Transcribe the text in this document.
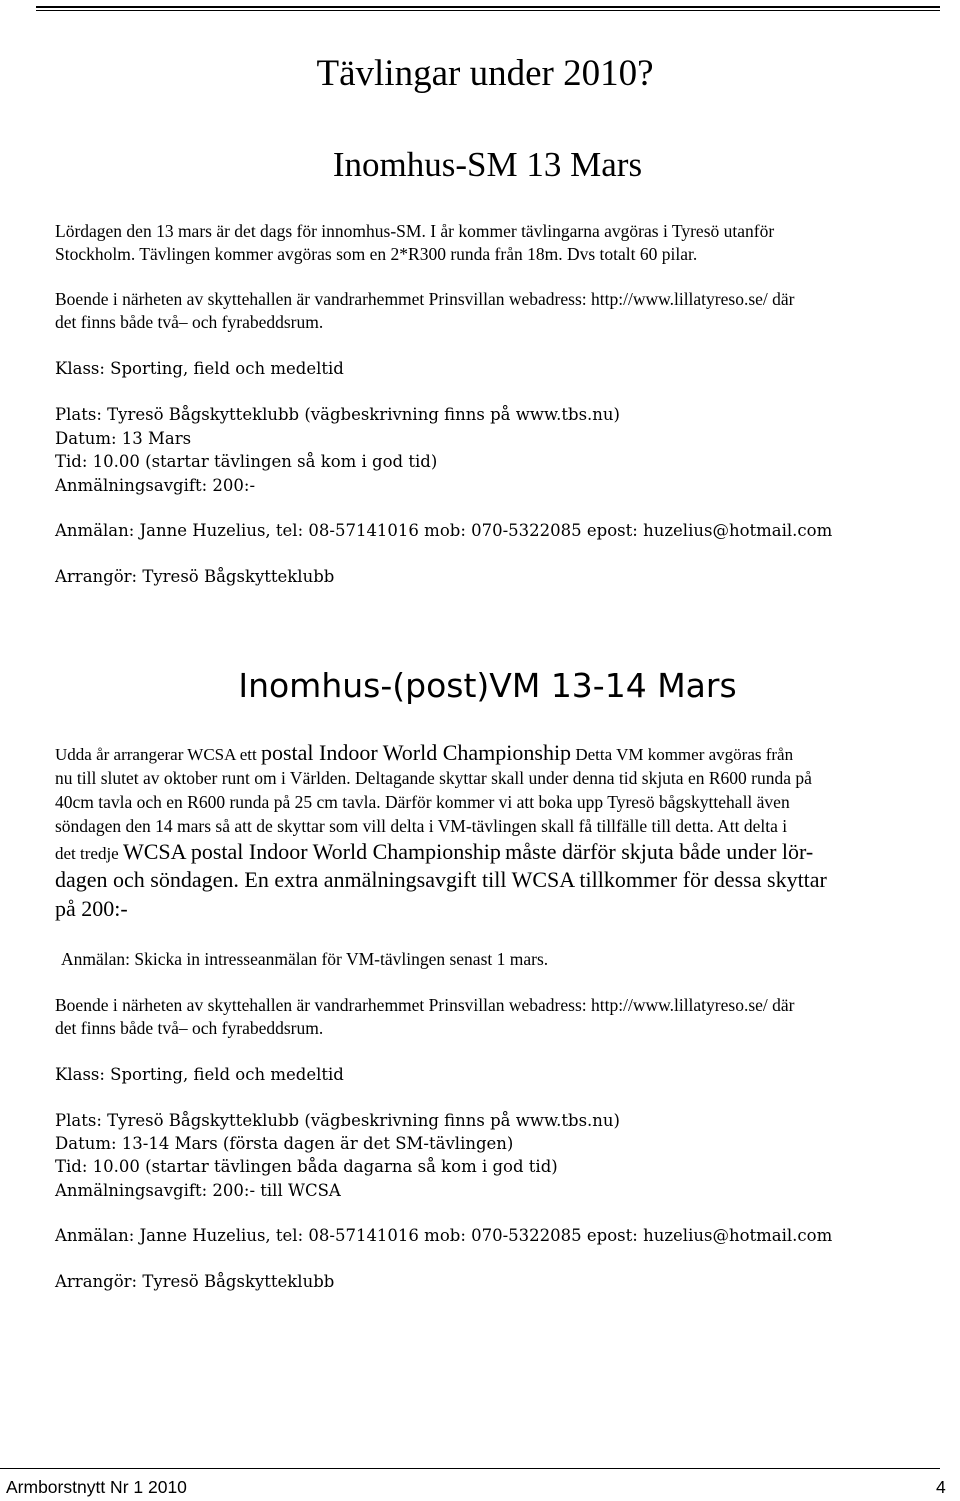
Tävlingar under 2010?
Inomhus-SM 13 Mars
Lördagen den 13 mars är det dags för innomhus-SM. I år kommer tävlingarna avgöras i Tyresö utanför
Stockholm. Tävlingen kommer avgöras som en 2*R300 runda från 18m. Dvs totalt 60 pilar.
Boende i närheten av skyttehallen är vandrarhemmet Prinsvillan webadress: http://www.lillatyreso.se/ där
det finns både två– och fyrabeddsrum.
Klass: Sporting, field och medeltid
Plats: Tyresö Bågskytteklubb (vägbeskrivning finns på www.tbs.nu)
Datum: 13 Mars
Tid: 10.00 (startar tävlingen så kom i god tid)
Anmälningsavgift: 200:-
Anmälan: Janne Huzelius, tel: 08-57141016 mob: 070-5322085 epost: huzelius@hotmail.com
Arrangör: Tyresö Bågskytteklubb
Inomhus-(post)VM 13-14 Mars
Udda år arrangerar WCSA ett postal Indoor World Championship Detta VM kommer avgöras från
nu till slutet av oktober runt om i Världen. Deltagande skyttar skall under denna tid skjuta en R600 runda på
40cm tavla och en R600 runda på 25 cm tavla. Därför kommer vi att boka upp Tyresö bågskyttehall även
söndagen den 14 mars så att de skyttar som vill delta i VM-tävlingen skall få tillfälle till detta. Att delta i
det tredje WCSA postal Indoor World Championship måste därför skjuta både under lör-
dagen och söndagen. En extra anmälningsavgift till WCSA tillkommer för dessa skyttar
på 200:-
Anmälan: Skicka in intresseanmälan för VM-tävlingen senast 1 mars.
Boende i närheten av skyttehallen är vandrarhemmet Prinsvillan webadress: http://www.lillatyreso.se/ där
det finns både två– och fyrabeddsrum.
Klass: Sporting, field och medeltid
Plats: Tyresö Bågskytteklubb (vägbeskrivning finns på www.tbs.nu)
Datum: 13-14 Mars (första dagen är det SM-tävlingen)
Tid: 10.00 (startar tävlingen båda dagarna så kom i god tid)
Anmälningsavgift: 200:- till WCSA
Anmälan: Janne Huzelius, tel: 08-57141016 mob: 070-5322085 epost: huzelius@hotmail.com
Arrangör: Tyresö Bågskytteklubb
Armborstnytt Nr 1 2010	4
